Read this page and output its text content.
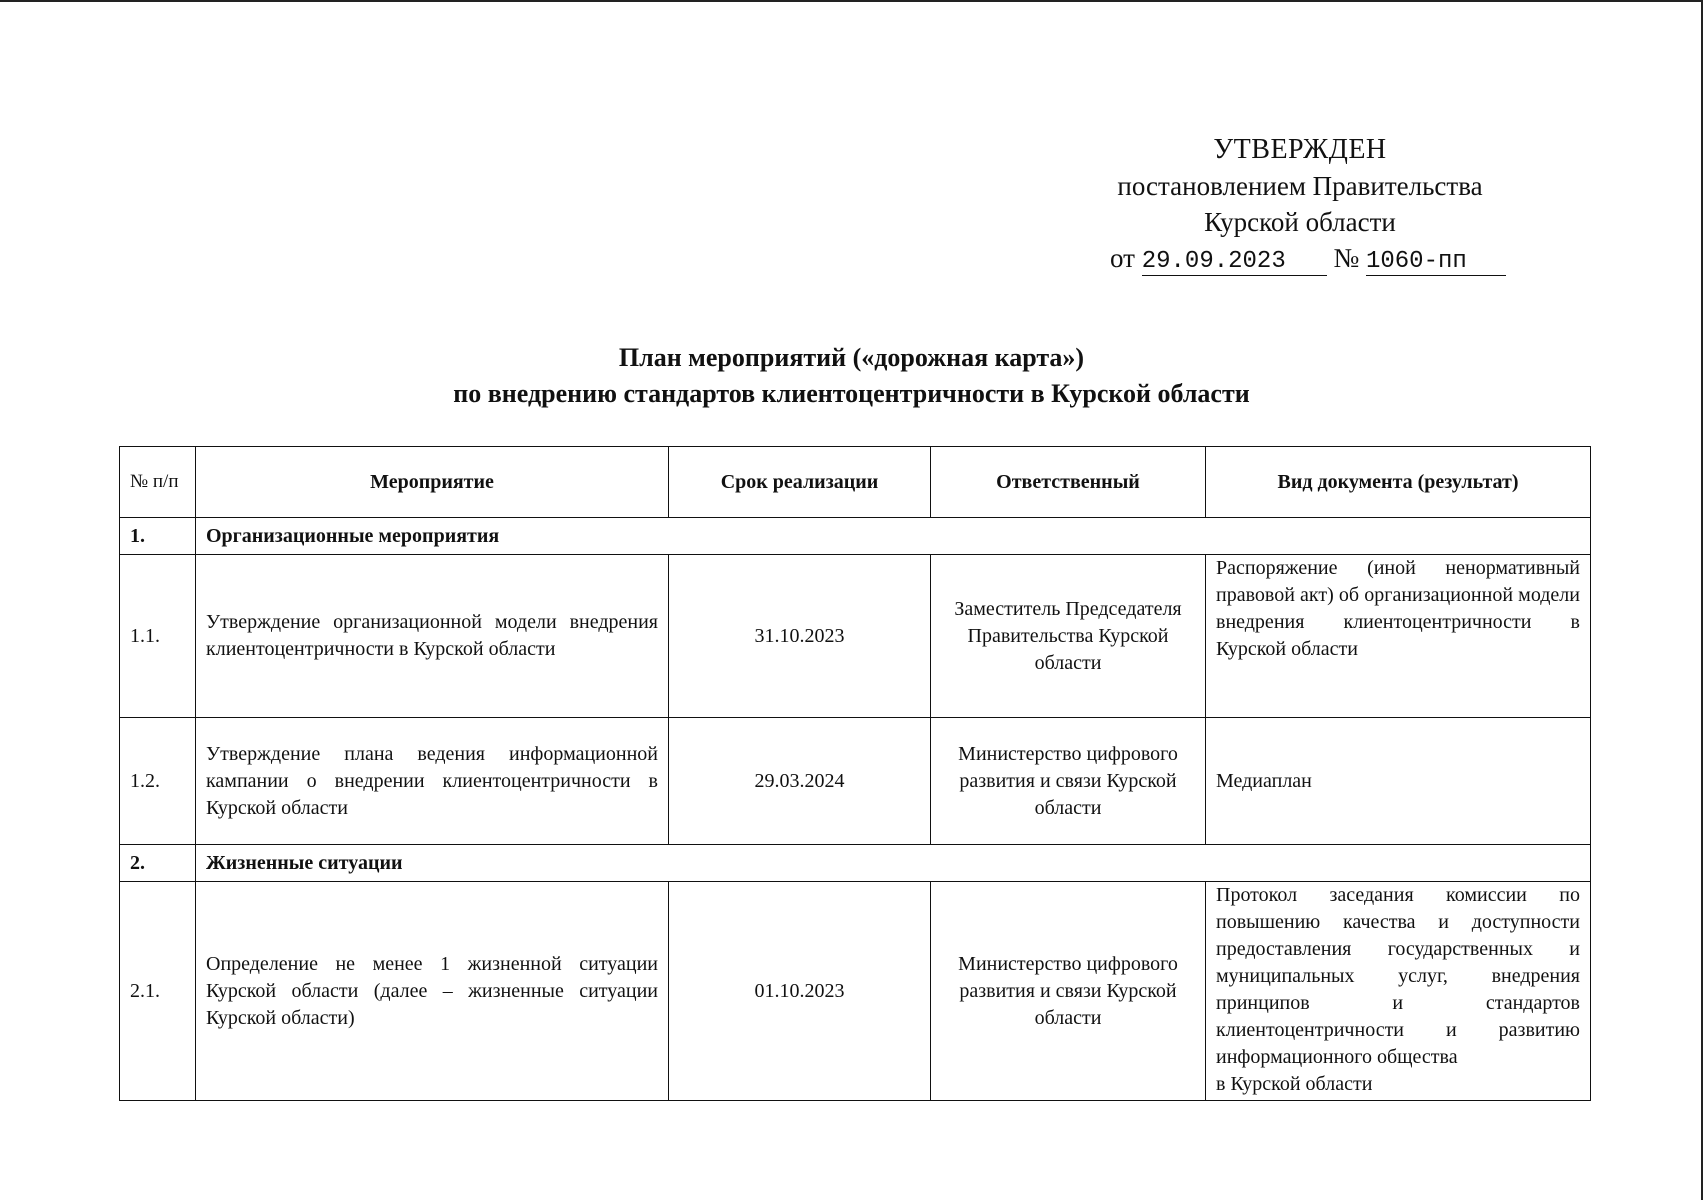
УТВЕРЖДЕН
постановлением Правительства
Курской области
от 29.09.2023 № 1060-пп
План мероприятий («дорожная карта»)
по внедрению стандартов клиентоцентричности в Курской области
№ п/п	Мероприятие	Срок реализации	Ответственный	Вид документа (результат)
1.	Организационные мероприятия			
1.1.	Утверждение организационной модели внедрения клиентоцентричности в Курской области	31.10.2023	Заместитель Председателя Правительства Курской области	Распоряжение (иной ненормативный правовой акт) об организационной модели внедрения клиентоцентричности в Курской области
1.2.	Утверждение плана ведения информационной кампании о внедрении клиентоцентричности в Курской области	29.03.2024	Министерство цифрового развития и связи Курской области	Медиаплан
2.	Жизненные ситуации			
2.1.	Определение не менее 1 жизненной ситуации Курской области (далее – жизненные ситуации Курской области)	01.10.2023	Министерство цифрового развития и связи Курской области	Протокол заседания комиссии по повышению качества и доступности предоставления государственных и муниципальных услуг, внедрения принципов и стандартов клиентоцентричности и развитию информационного общества
в Курской области
